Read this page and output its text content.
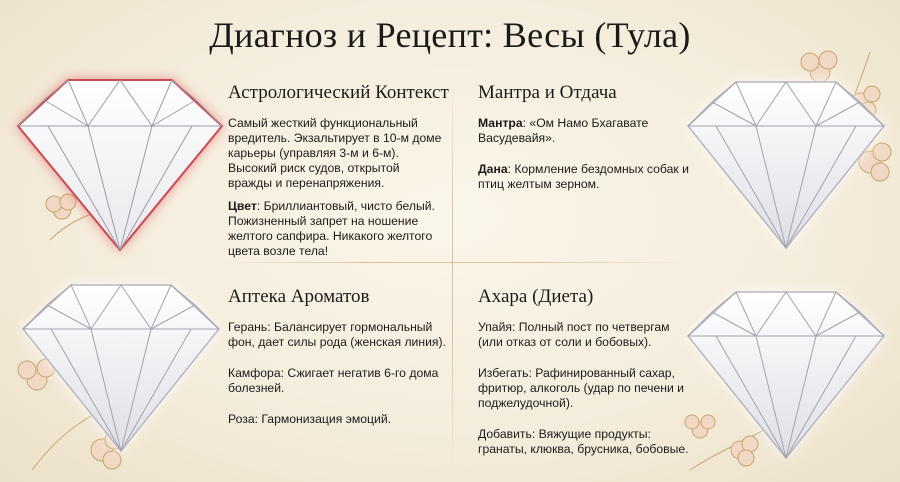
Диагноз и Рецепт: Весы (Тула)
Астрологический Контекст

Самый жесткий функциональный вредитель. Экзальтирует в 10-м доме карьеры (управляя 3-м и 6-м). Высокий риск судов, открытой вражды и перенапряжения.

Цвет: Бриллиантовый, чисто белый. Пожизненный запрет на ношение желтого сапфира. Никакого желтого цвета возле тела!

Мантра и Отдача

Мантра: «Ом Намо Бхагавате Васудевайя».

Дана: Кормление бездомных собак и птиц желтым зерном.

Аптека Ароматов

Герань: Балансирует гормональный фон, дает силы рода (женская линия).

Камфора: Сжигает негатив 6-го дома болезней.

Роза: Гармонизация эмоций.

Ахара (Диета)

Упайя: Полный пост по четвергам (или отказ от соли и бобовых).

Избегать: Рафинированный сахар, фритюр, алкоголь (удар по печени и поджелудочной).

Добавить: Вяжущие продукты: гранаты, клюква, брусника, бобовые.
